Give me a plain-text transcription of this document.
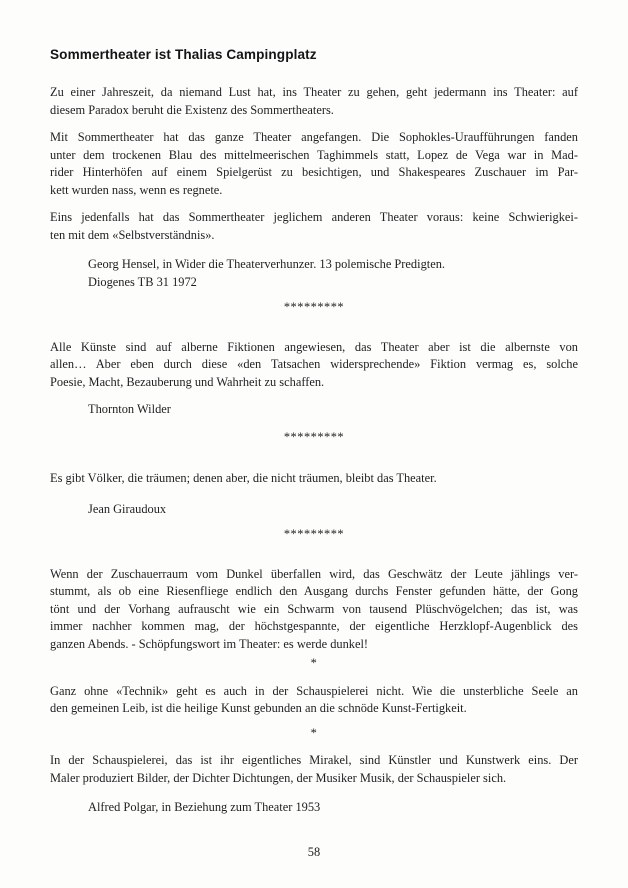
Sommertheater ist Thalias Campingplatz
Zu einer Jahreszeit, da niemand Lust hat, ins Theater zu gehen, geht jedermann ins Theater: auf
diesem Paradox beruht die Existenz des Sommertheaters.
Mit Sommertheater hat das ganze Theater angefangen. Die Sophokles-Uraufführungen fanden
unter dem trockenen Blau des mittelmeerischen Taghimmels statt, Lopez de Vega war in Mad-
rider Hinterhöfen auf einem Spielgerüst zu besichtigen, und Shakespeares Zuschauer im Par-
kett wurden nass, wenn es regnete.
Eins jedenfalls hat das Sommertheater jeglichem anderen Theater voraus: keine Schwierigkei-
ten mit dem «Selbstverständnis».
Georg Hensel, in Wider die Theaterverhunzer. 13 polemische Predigten.
Diogenes TB 31 1972
*********
Alle Künste sind auf alberne Fiktionen angewiesen, das Theater aber ist die albernste von
allen… Aber eben durch diese «den Tatsachen widersprechende» Fiktion vermag es, solche
Poesie, Macht, Bezauberung und Wahrheit zu schaffen.
Thornton Wilder
*********
Es gibt Völker, die träumen; denen aber, die nicht träumen, bleibt das Theater.
Jean Giraudoux
*********
Wenn der Zuschauerraum vom Dunkel überfallen wird, das Geschwätz der Leute jählings ver-
stummt, als ob eine Riesenfliege endlich den Ausgang durchs Fenster gefunden hätte, der Gong
tönt und der Vorhang aufrauscht wie ein Schwarm von tausend Plüschvögelchen; das ist, was
immer nachher kommen mag, der höchstgespannte, der eigentliche Herzklopf-Augenblick des
ganzen Abends. - Schöpfungswort im Theater: es werde dunkel!
*
Ganz ohne «Technik» geht es auch in der Schauspielerei nicht. Wie die unsterbliche Seele an
den gemeinen Leib, ist die heilige Kunst gebunden an die schnöde Kunst-Fertigkeit.
*
In der Schauspielerei, das ist ihr eigentliches Mirakel, sind Künstler und Kunstwerk eins. Der
Maler produziert Bilder, der Dichter Dichtungen, der Musiker Musik, der Schauspieler sich.
Alfred Polgar, in Beziehung zum Theater 1953
58
